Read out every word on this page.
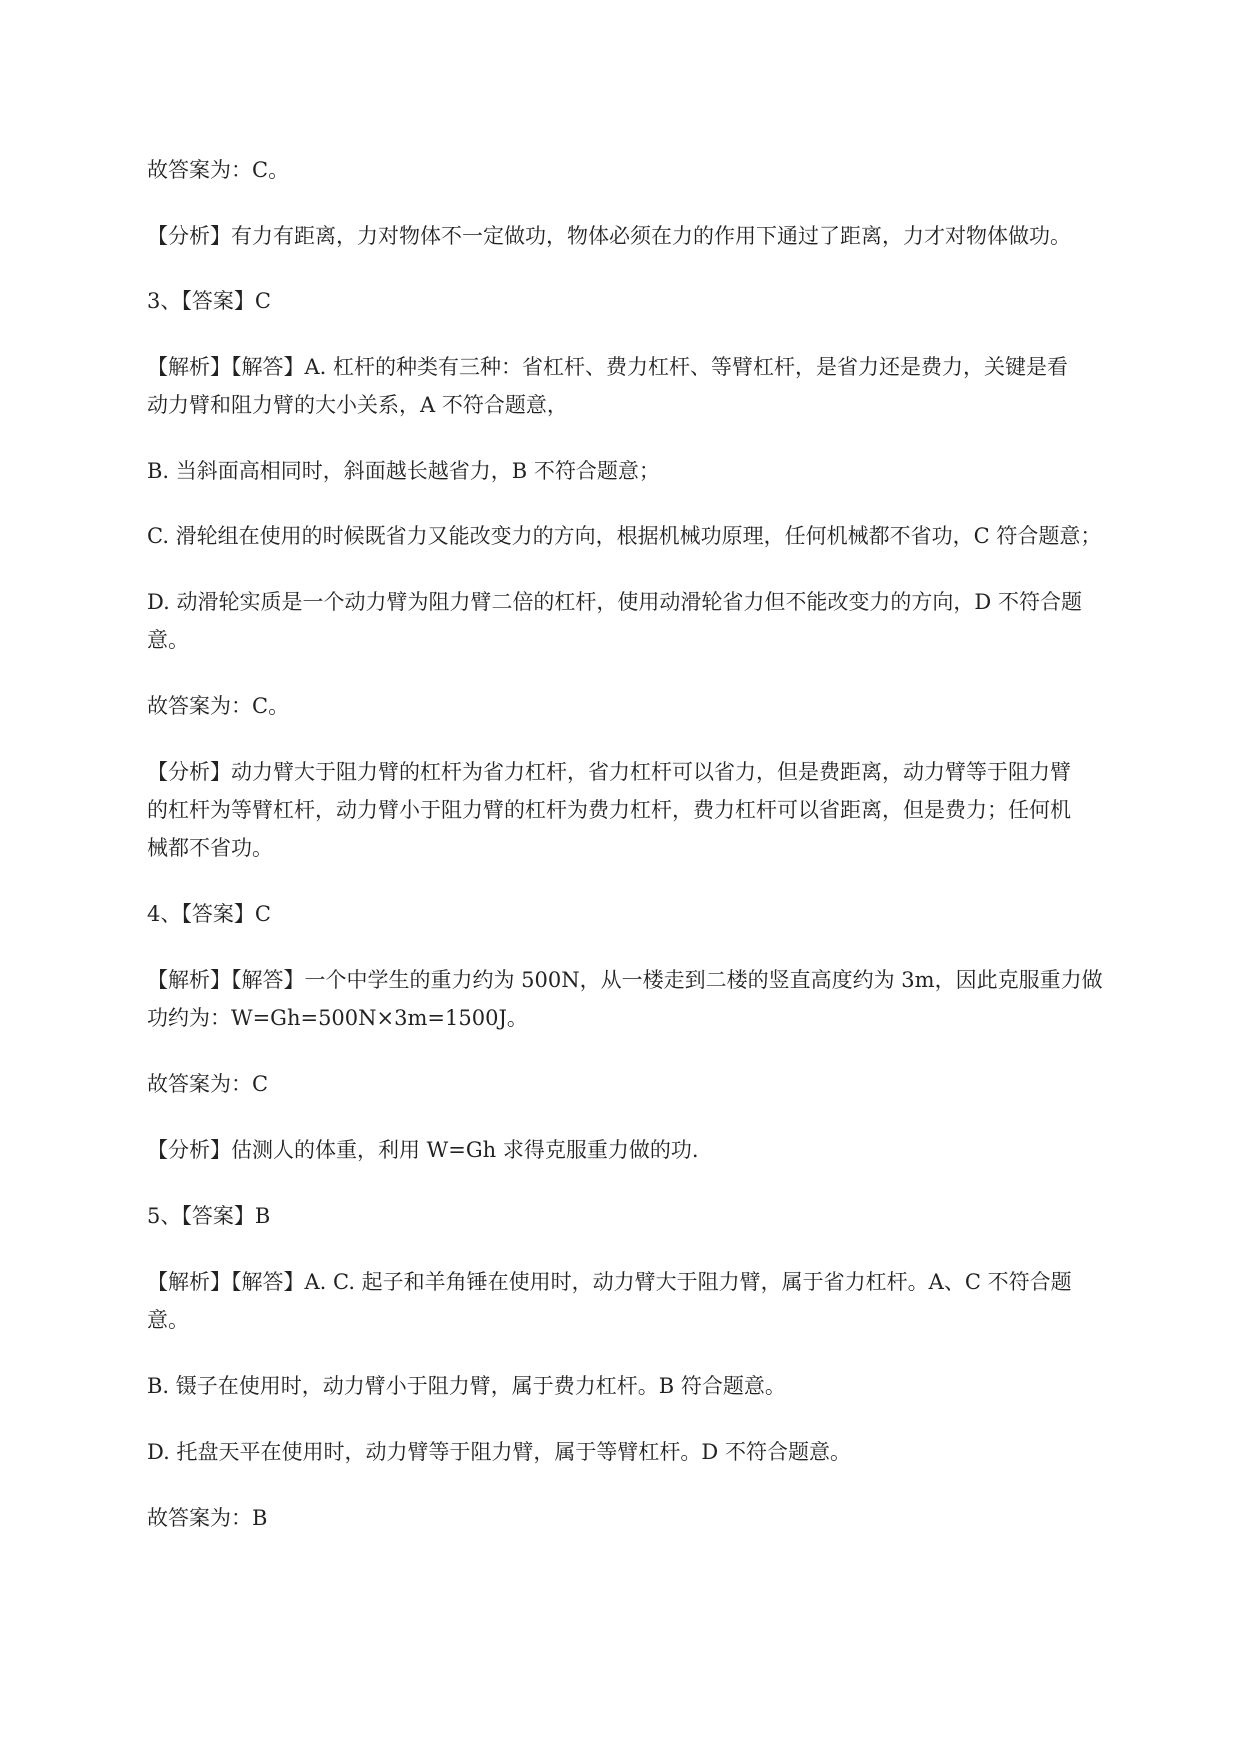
故答案为：C。
【分析】有力有距离，力对物体不一定做功，物体必须在力的作用下通过了距离，力才对物体做功。
3、【答案】C
【解析】【解答】A. 杠杆的种类有三种：省杠杆、费力杠杆、等臂杠杆，是省力还是费力，关键是看
动力臂和阻力臂的大小关系，A 不符合题意，
B. 当斜面高相同时，斜面越长越省力，B 不符合题意；
C. 滑轮组在使用的时候既省力又能改变力的方向，根据机械功原理，任何机械都不省功，C 符合题意；
D. 动滑轮实质是一个动力臂为阻力臂二倍的杠杆，使用动滑轮省力但不能改变力的方向，D 不符合题
意。
故答案为：C。
【分析】动力臂大于阻力臂的杠杆为省力杠杆，省力杠杆可以省力，但是费距离，动力臂等于阻力臂
的杠杆为等臂杠杆，动力臂小于阻力臂的杠杆为费力杠杆，费力杠杆可以省距离，但是费力；任何机
械都不省功。
4、【答案】C
【解析】【解答】一个中学生的重力约为 500N，从一楼走到二楼的竖直高度约为 3m，因此克服重力做
功约为：W=Gh=500N×3m=1500J。
故答案为：C
【分析】估测人的体重，利用 W=Gh 求得克服重力做的功.
5、【答案】B
【解析】【解答】A. C. 起子和羊角锤在使用时，动力臂大于阻力臂，属于省力杠杆。A、C 不符合题
意。
B. 镊子在使用时，动力臂小于阻力臂，属于费力杠杆。B 符合题意。
D. 托盘天平在使用时，动力臂等于阻力臂，属于等臂杠杆。D 不符合题意。
故答案为：B
